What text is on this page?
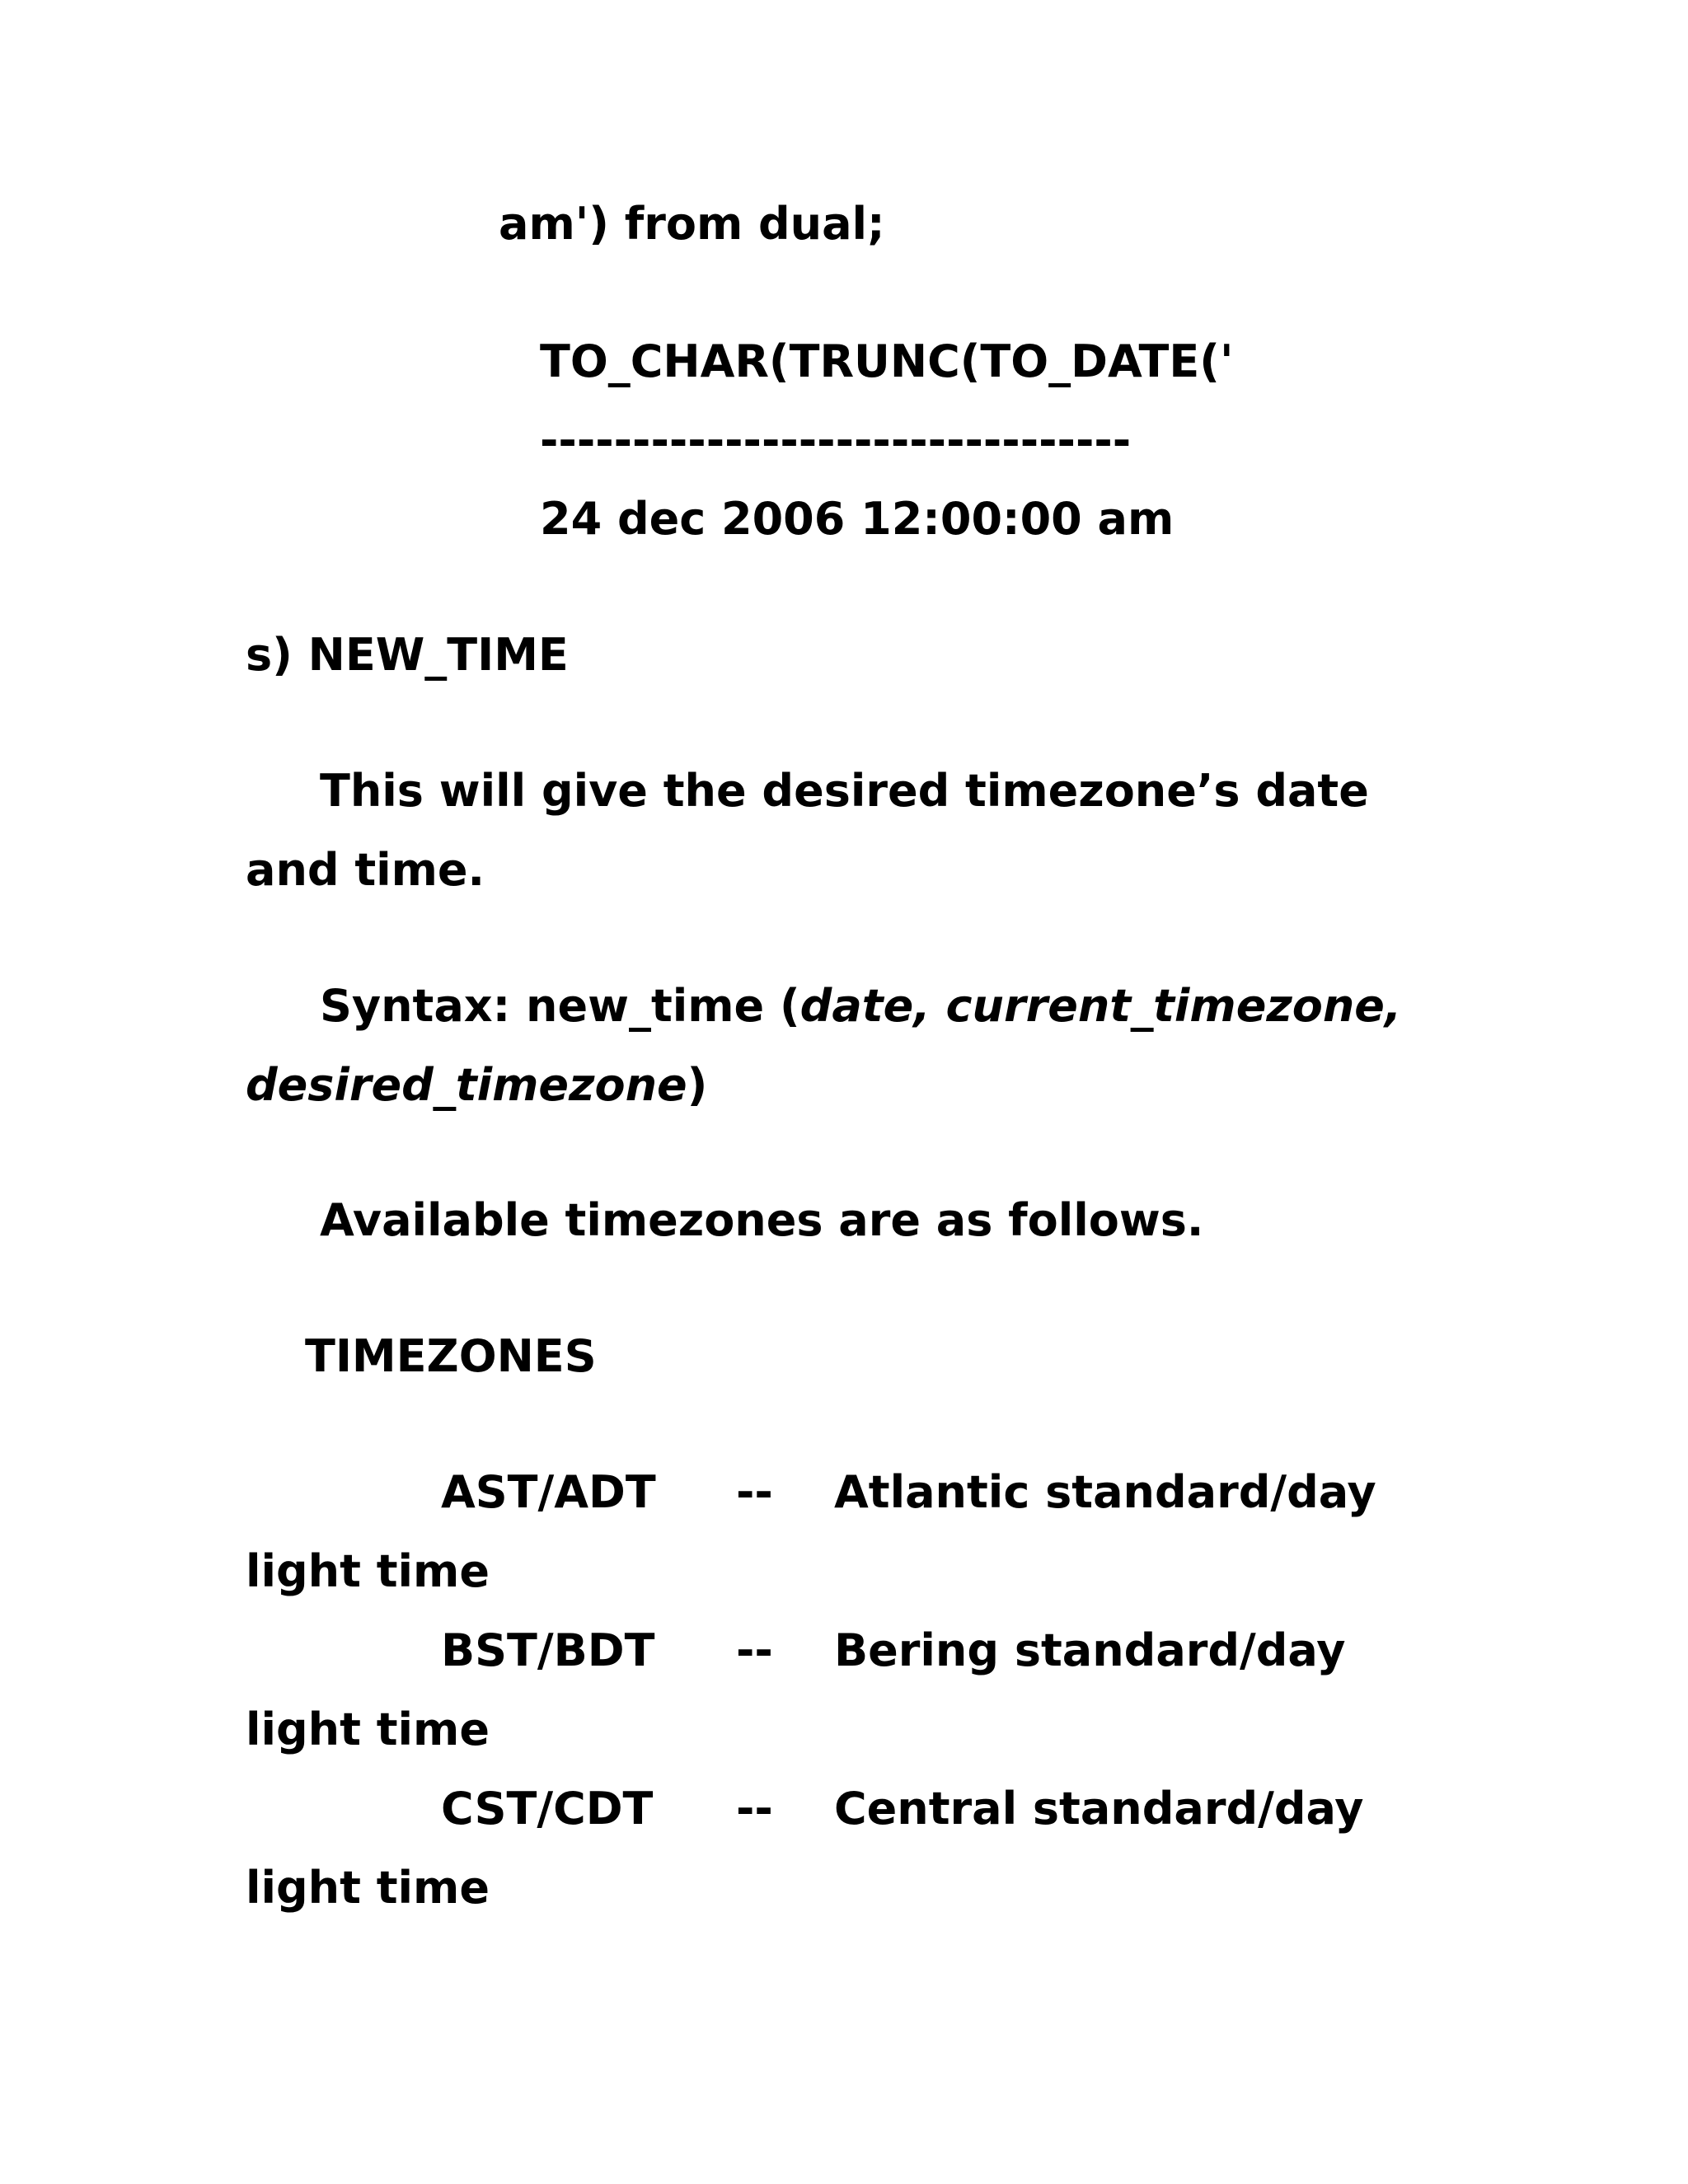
am') from dual;

TO_CHAR(TRUNC(TO_DATE('

--------------------------------

24 dec 2006 12:00:00 am

s) NEW_TIME

This will give the desired timezone’s date

and time.

Syntax: new_time (date, current_timezone,

desired_timezone)

Available timezones are as follows.

TIMEZONES

AST/ADT -- Atlantic standard/day

light time

BST/BDT -- Bering standard/day

light time

CST/CDT -- Central standard/day

light time
